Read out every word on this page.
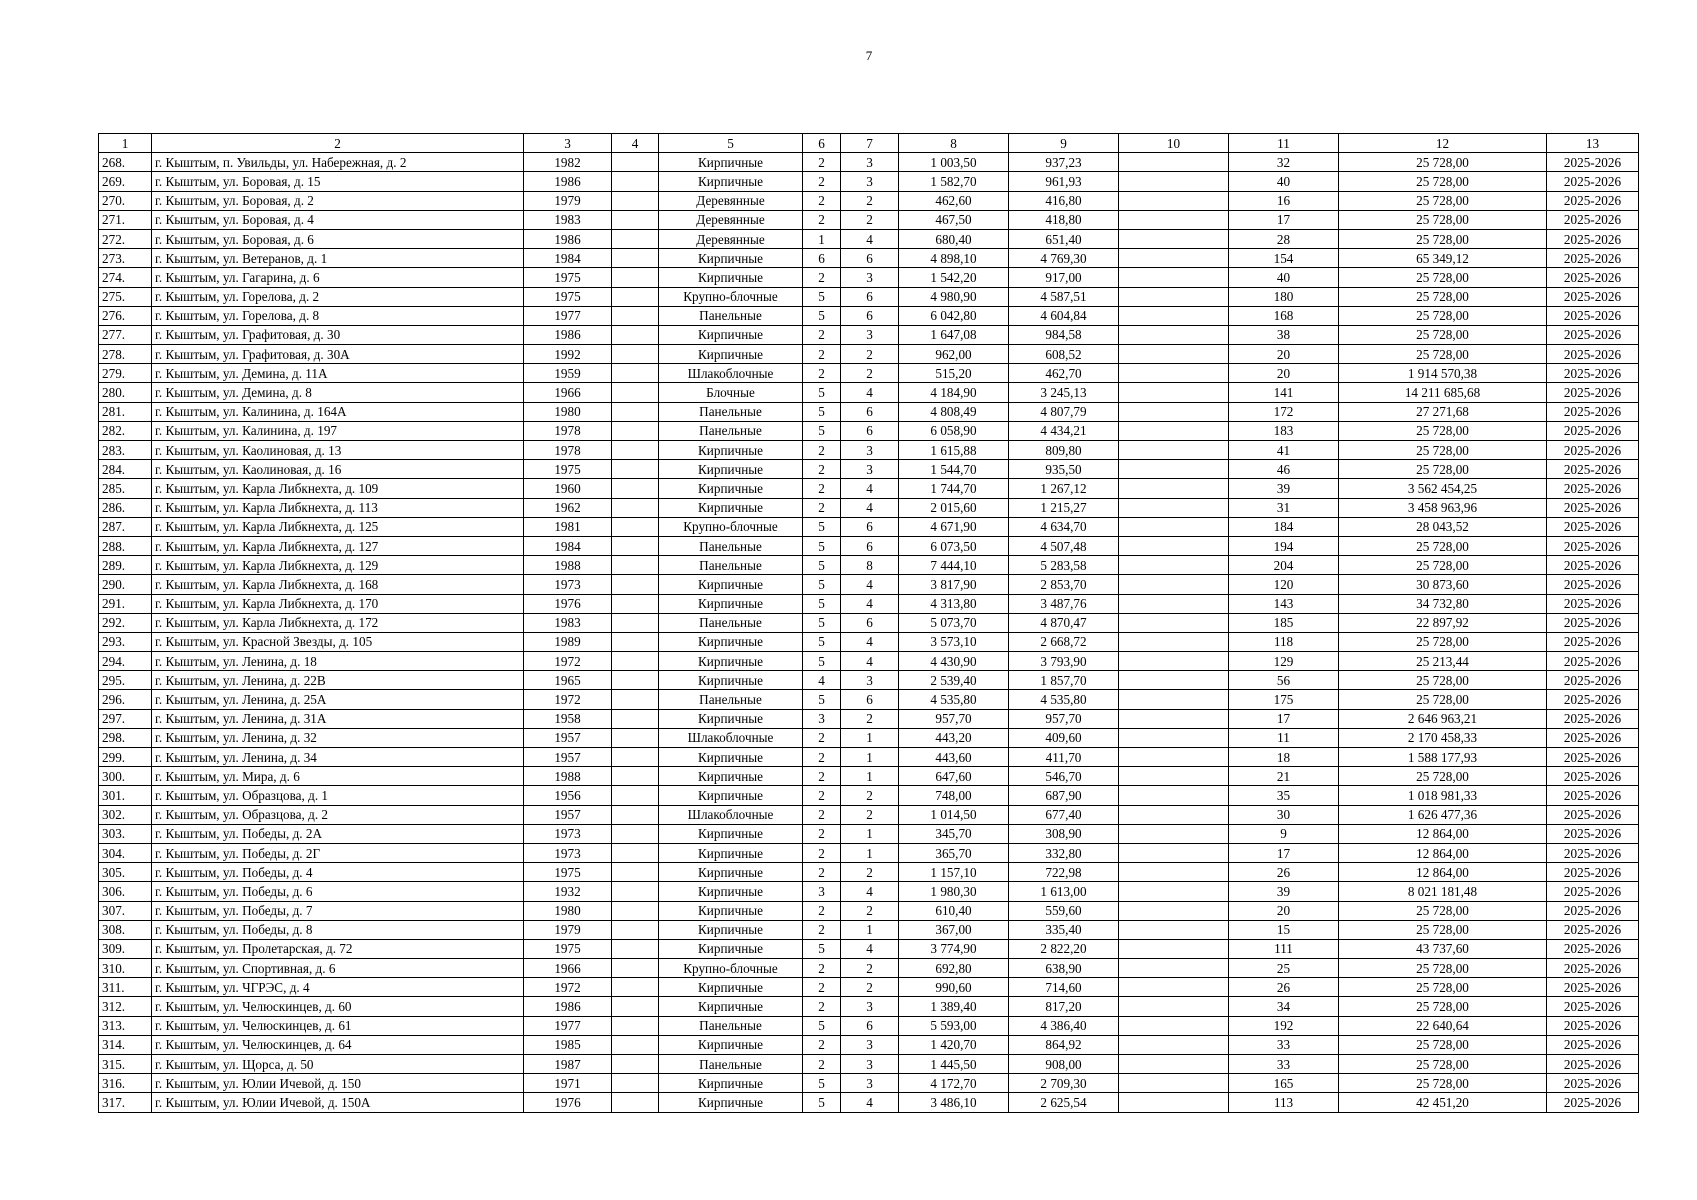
7
1	2	3	4	5	6	7	8	9	10	11	12	13
268.	г. Кыштым, п. Увильды, ул. Набережная, д. 2	1982		Кирпичные	2	3	1 003,50	937,23		32	25 728,00	2025-2026
269.	г. Кыштым, ул. Боровая, д. 15	1986		Кирпичные	2	3	1 582,70	961,93		40	25 728,00	2025-2026
270.	г. Кыштым, ул. Боровая, д. 2	1979		Деревянные	2	2	462,60	416,80		16	25 728,00	2025-2026
271.	г. Кыштым, ул. Боровая, д. 4	1983		Деревянные	2	2	467,50	418,80		17	25 728,00	2025-2026
272.	г. Кыштым, ул. Боровая, д. 6	1986		Деревянные	1	4	680,40	651,40		28	25 728,00	2025-2026
273.	г. Кыштым, ул. Ветеранов, д. 1	1984		Кирпичные	6	6	4 898,10	4 769,30		154	65 349,12	2025-2026
274.	г. Кыштым, ул. Гагарина, д. 6	1975		Кирпичные	2	3	1 542,20	917,00		40	25 728,00	2025-2026
275.	г. Кыштым, ул. Горелова, д. 2	1975		Крупно-блочные	5	6	4 980,90	4 587,51		180	25 728,00	2025-2026
276.	г. Кыштым, ул. Горелова, д. 8	1977		Панельные	5	6	6 042,80	4 604,84		168	25 728,00	2025-2026
277.	г. Кыштым, ул. Графитовая, д. 30	1986		Кирпичные	2	3	1 647,08	984,58		38	25 728,00	2025-2026
278.	г. Кыштым, ул. Графитовая, д. 30А	1992		Кирпичные	2	2	962,00	608,52		20	25 728,00	2025-2026
279.	г. Кыштым, ул. Демина, д. 11А	1959		Шлакоблочные	2	2	515,20	462,70		20	1 914 570,38	2025-2026
280.	г. Кыштым, ул. Демина, д. 8	1966		Блочные	5	4	4 184,90	3 245,13		141	14 211 685,68	2025-2026
281.	г. Кыштым, ул. Калинина, д. 164А	1980		Панельные	5	6	4 808,49	4 807,79		172	27 271,68	2025-2026
282.	г. Кыштым, ул. Калинина, д. 197	1978		Панельные	5	6	6 058,90	4 434,21		183	25 728,00	2025-2026
283.	г. Кыштым, ул. Каолиновая, д. 13	1978		Кирпичные	2	3	1 615,88	809,80		41	25 728,00	2025-2026
284.	г. Кыштым, ул. Каолиновая, д. 16	1975		Кирпичные	2	3	1 544,70	935,50		46	25 728,00	2025-2026
285.	г. Кыштым, ул. Карла Либкнехта, д. 109	1960		Кирпичные	2	4	1 744,70	1 267,12		39	3 562 454,25	2025-2026
286.	г. Кыштым, ул. Карла Либкнехта, д. 113	1962		Кирпичные	2	4	2 015,60	1 215,27		31	3 458 963,96	2025-2026
287.	г. Кыштым, ул. Карла Либкнехта, д. 125	1981		Крупно-блочные	5	6	4 671,90	4 634,70		184	28 043,52	2025-2026
288.	г. Кыштым, ул. Карла Либкнехта, д. 127	1984		Панельные	5	6	6 073,50	4 507,48		194	25 728,00	2025-2026
289.	г. Кыштым, ул. Карла Либкнехта, д. 129	1988		Панельные	5	8	7 444,10	5 283,58		204	25 728,00	2025-2026
290.	г. Кыштым, ул. Карла Либкнехта, д. 168	1973		Кирпичные	5	4	3 817,90	2 853,70		120	30 873,60	2025-2026
291.	г. Кыштым, ул. Карла Либкнехта, д. 170	1976		Кирпичные	5	4	4 313,80	3 487,76		143	34 732,80	2025-2026
292.	г. Кыштым, ул. Карла Либкнехта, д. 172	1983		Панельные	5	6	5 073,70	4 870,47		185	22 897,92	2025-2026
293.	г. Кыштым, ул. Красной Звезды, д. 105	1989		Кирпичные	5	4	3 573,10	2 668,72		118	25 728,00	2025-2026
294.	г. Кыштым, ул. Ленина, д. 18	1972		Кирпичные	5	4	4 430,90	3 793,90		129	25 213,44	2025-2026
295.	г. Кыштым, ул. Ленина, д. 22В	1965		Кирпичные	4	3	2 539,40	1 857,70		56	25 728,00	2025-2026
296.	г. Кыштым, ул. Ленина, д. 25А	1972		Панельные	5	6	4 535,80	4 535,80		175	25 728,00	2025-2026
297.	г. Кыштым, ул. Ленина, д. 31А	1958		Кирпичные	3	2	957,70	957,70		17	2 646 963,21	2025-2026
298.	г. Кыштым, ул. Ленина, д. 32	1957		Шлакоблочные	2	1	443,20	409,60		11	2 170 458,33	2025-2026
299.	г. Кыштым, ул. Ленина, д. 34	1957		Кирпичные	2	1	443,60	411,70		18	1 588 177,93	2025-2026
300.	г. Кыштым, ул. Мира, д. 6	1988		Кирпичные	2	1	647,60	546,70		21	25 728,00	2025-2026
301.	г. Кыштым, ул. Образцова, д. 1	1956		Кирпичные	2	2	748,00	687,90		35	1 018 981,33	2025-2026
302.	г. Кыштым, ул. Образцова, д. 2	1957		Шлакоблочные	2	2	1 014,50	677,40		30	1 626 477,36	2025-2026
303.	г. Кыштым, ул. Победы, д. 2А	1973		Кирпичные	2	1	345,70	308,90		9	12 864,00	2025-2026
304.	г. Кыштым, ул. Победы, д. 2Г	1973		Кирпичные	2	1	365,70	332,80		17	12 864,00	2025-2026
305.	г. Кыштым, ул. Победы, д. 4	1975		Кирпичные	2	2	1 157,10	722,98		26	12 864,00	2025-2026
306.	г. Кыштым, ул. Победы, д. 6	1932		Кирпичные	3	4	1 980,30	1 613,00		39	8 021 181,48	2025-2026
307.	г. Кыштым, ул. Победы, д. 7	1980		Кирпичные	2	2	610,40	559,60		20	25 728,00	2025-2026
308.	г. Кыштым, ул. Победы, д. 8	1979		Кирпичные	2	1	367,00	335,40		15	25 728,00	2025-2026
309.	г. Кыштым, ул. Пролетарская, д. 72	1975		Кирпичные	5	4	3 774,90	2 822,20		111	43 737,60	2025-2026
310.	г. Кыштым, ул. Спортивная, д. 6	1966		Крупно-блочные	2	2	692,80	638,90		25	25 728,00	2025-2026
311.	г. Кыштым, ул. ЧГРЭС, д. 4	1972		Кирпичные	2	2	990,60	714,60		26	25 728,00	2025-2026
312.	г. Кыштым, ул. Челюскинцев, д. 60	1986		Кирпичные	2	3	1 389,40	817,20		34	25 728,00	2025-2026
313.	г. Кыштым, ул. Челюскинцев, д. 61	1977		Панельные	5	6	5 593,00	4 386,40		192	22 640,64	2025-2026
314.	г. Кыштым, ул. Челюскинцев, д. 64	1985		Кирпичные	2	3	1 420,70	864,92		33	25 728,00	2025-2026
315.	г. Кыштым, ул. Щорса, д. 50	1987		Панельные	2	3	1 445,50	908,00		33	25 728,00	2025-2026
316.	г. Кыштым, ул. Юлии Ичевой, д. 150	1971		Кирпичные	5	3	4 172,70	2 709,30		165	25 728,00	2025-2026
317.	г. Кыштым, ул. Юлии Ичевой, д. 150А	1976		Кирпичные	5	4	3 486,10	2 625,54		113	42 451,20	2025-2026
